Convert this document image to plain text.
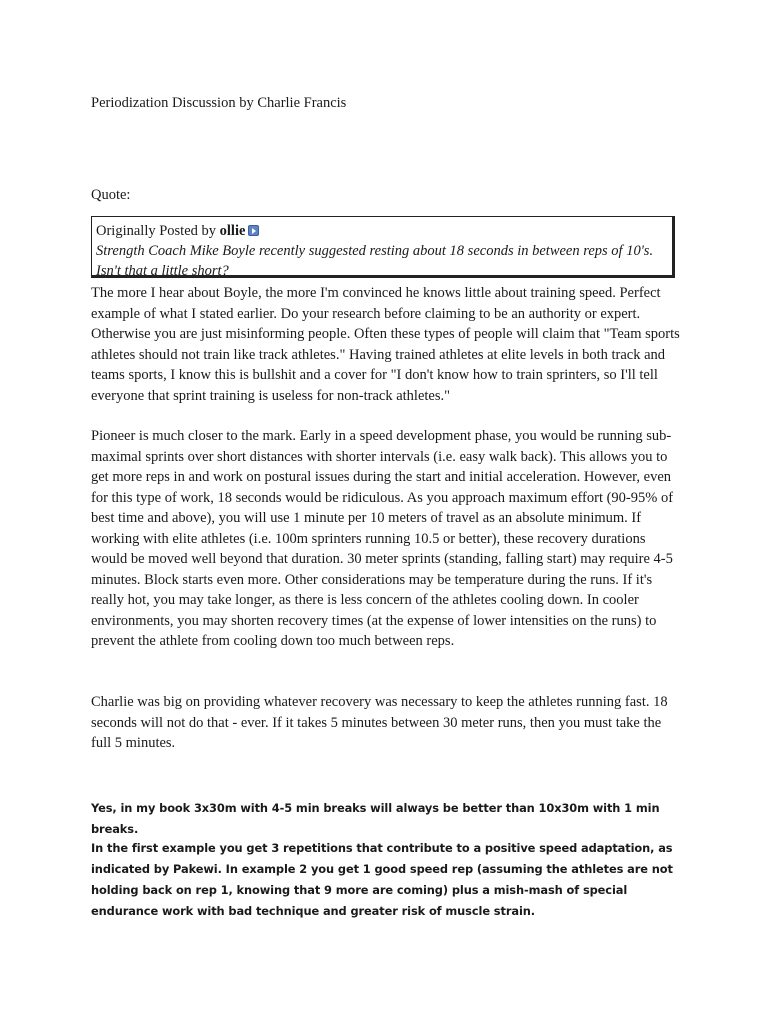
Periodization Discussion by Charlie Francis
Quote:
Originally Posted by ollie

Strength Coach Mike Boyle recently suggested resting about 18 seconds in between reps of 10's. Isn't that a little short?

The more I hear about Boyle, the more I'm convinced he knows little about training speed. Perfect example of what I stated earlier. Do your research before claiming to be an authority or expert. Otherwise you are just misinforming people. Often these types of people will claim that "Team sports athletes should not train like track athletes." Having trained athletes at elite levels in both track and teams sports, I know this is bullshit and a cover for "I don't know how to train sprinters, so I'll tell everyone that sprint training is useless for non-track athletes."

Pioneer is much closer to the mark. Early in a speed development phase, you would be running sub-maximal sprints over short distances with shorter intervals (i.e. easy walk back). This allows you to get more reps in and work on postural issues during the start and initial acceleration. However, even for this type of work, 18 seconds would be ridiculous. As you approach maximum effort (90-95% of best time and above), you will use 1 minute per 10 meters of travel as an absolute minimum. If working with elite athletes (i.e. 100m sprinters running 10.5 or better), these recovery durations would be moved well beyond that duration. 30 meter sprints (standing, falling start) may require 4-5 minutes. Block starts even more. Other considerations may be temperature during the runs. If it's really hot, you may take longer, as there is less concern of the athletes cooling down. In cooler environments, you may shorten recovery times (at the expense of lower intensities on the runs) to prevent the athlete from cooling down too much between reps.

Charlie was big on providing whatever recovery was necessary to keep the athletes running fast. 18 seconds will not do that - ever. If it takes 5 minutes between 30 meter runs, then you must take the full 5 minutes.

Yes, in my book 3x30m with 4-5 min breaks will always be better than 10x30m with 1 min breaks.

In the first example you get 3 repetitions that contribute to a positive speed adaptation, as indicated by Pakewi. In example 2 you get 1 good speed rep (assuming the athletes are not holding back on rep 1, knowing that 9 more are coming) plus a mish-mash of special endurance work with bad technique and greater risk of muscle strain.
